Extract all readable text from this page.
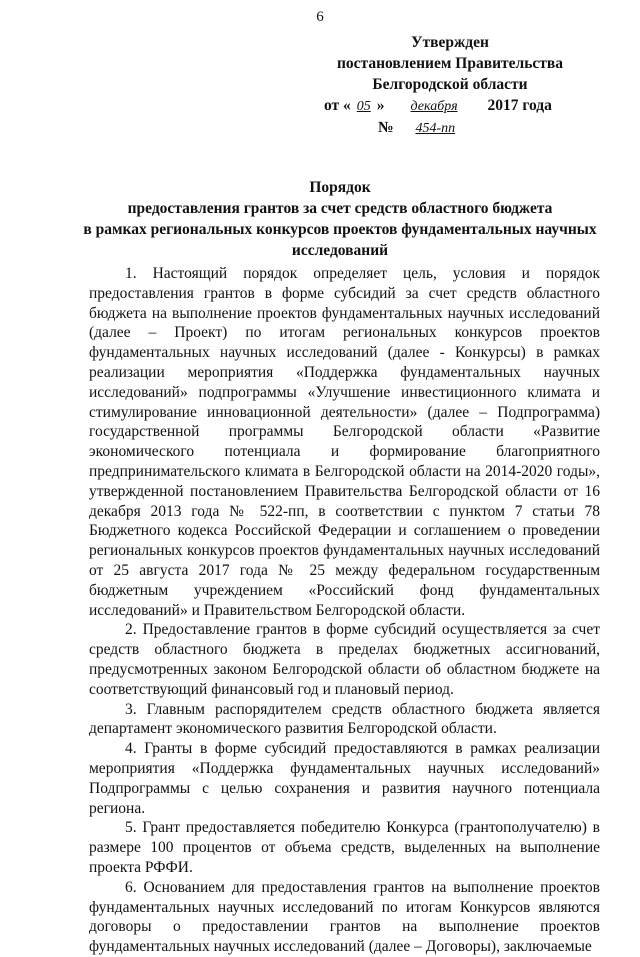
6
Утвержден
постановлением Правительства
Белгородской области
от « 05 » декабря 2017 года
№ 454-пп
Порядок
предоставления грантов за счет средств областного бюджета
в рамках региональных конкурсов проектов фундаментальных научных исследований

1. Настоящий порядок определяет цель, условия и порядок предоставления грантов в форме субсидий за счет средств областного бюджета на выполнение проектов фундаментальных научных исследований (далее – Проект) по итогам региональных конкурсов проектов фундаментальных научных исследований (далее - Конкурсы) в рамках реализации мероприятия «Поддержка фундаментальных научных исследований» подпрограммы «Улучшение инвестиционного климата и стимулирование инновационной деятельности» (далее – Подпрограмма) государственной программы Белгородской области «Развитие экономического потенциала и формирование благоприятного предпринимательского климата в Белгородской области на 2014-2020 годы», утвержденной постановлением Правительства Белгородской области от 16 декабря 2013 года № 522-пп, в соответствии с пунктом 7 статьи 78 Бюджетного кодекса Российской Федерации и соглашением о проведении региональных конкурсов проектов фундаментальных научных исследований от 25 августа 2017 года № 25 между федеральном государственным бюджетным учреждением «Российский фонд фундаментальных исследований» и Правительством Белгородской области.

2. Предоставление грантов в форме субсидий осуществляется за счет средств областного бюджета в пределах бюджетных ассигнований, предусмотренных законом Белгородской области об областном бюджете на соответствующий финансовый год и плановый период.

3. Главным распорядителем средств областного бюджета является департамент экономического развития Белгородской области.

4. Гранты в форме субсидий предоставляются в рамках реализации мероприятия «Поддержка фундаментальных научных исследований» Подпрограммы с целью сохранения и развития научного потенциала региона.

5. Грант предоставляется победителю Конкурса (грантополучателю) в размере 100 процентов от объема средств, выделенных на выполнение проекта РФФИ.

6. Основанием для предоставления грантов на выполнение проектов фундаментальных научных исследований по итогам Конкурсов являются договоры о предоставлении грантов на выполнение проектов фундаментальных научных исследований (далее – Договоры), заключаемые
